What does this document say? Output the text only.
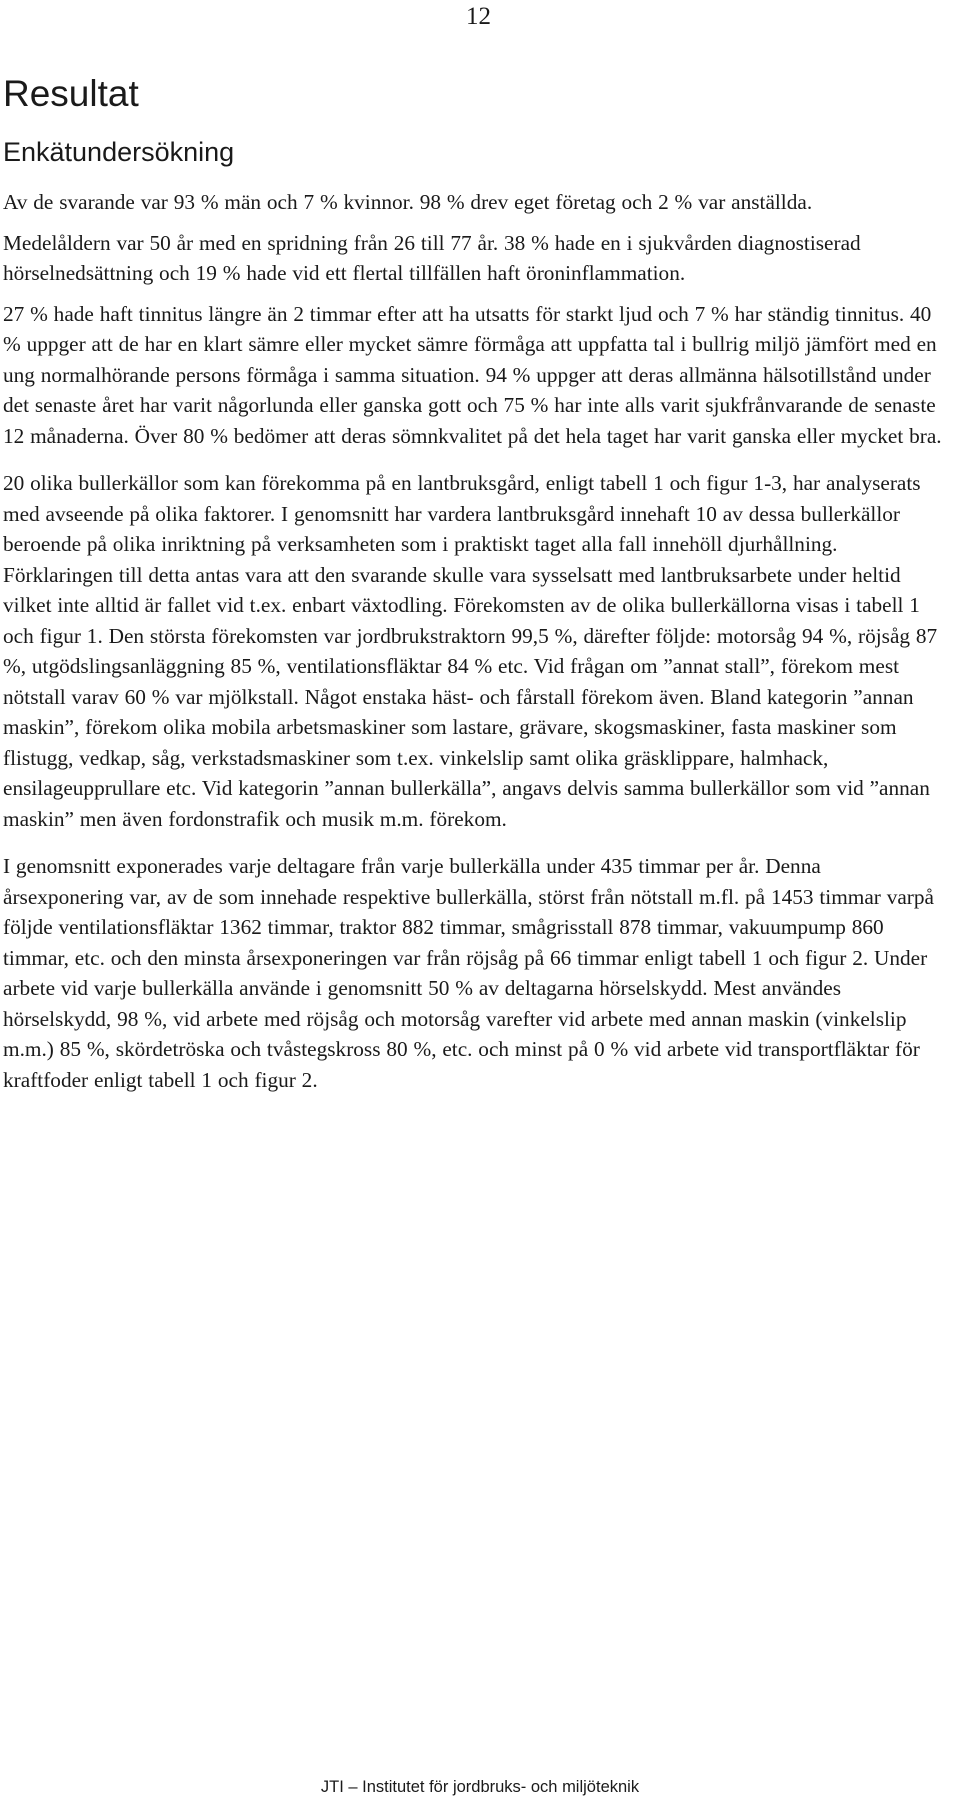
12
Resultat
Enkätundersökning

Av de svarande var 93 % män och 7 % kvinnor. 98 % drev eget företag och 2 % var anställda.

Medelåldern var 50 år med en spridning från 26 till 77 år. 38 % hade en i sjukvården diagnostiserad hörselnedsättning och 19 % hade vid ett flertal tillfällen haft öroninflammation.

27 % hade haft tinnitus längre än 2 timmar efter att ha utsatts för starkt ljud och 7 % har ständig tinnitus. 40 % uppger att de har en klart sämre eller mycket sämre förmåga att uppfatta tal i bullrig miljö jämfört med en ung normalhörande persons förmåga i samma situation. 94 % uppger att deras allmänna hälsotillstånd under det senaste året har varit någorlunda eller ganska gott och 75 % har inte alls varit sjukfrånvarande de senaste 12 månaderna. Över 80 % bedömer att deras sömnkvalitet på det hela taget har varit ganska eller mycket bra.

20 olika bullerkällor som kan förekomma på en lantbruksgård, enligt tabell 1 och figur 1-3, har analyserats med avseende på olika faktorer. I genomsnitt har vardera lantbruksgård innehaft 10 av dessa bullerkällor beroende på olika inriktning på verksamheten som i praktiskt taget alla fall innehöll djurhållning. Förklaringen till detta antas vara att den svarande skulle vara sysselsatt med lantbruksarbete under heltid vilket inte alltid är fallet vid t.ex. enbart växtodling. Förekomsten av de olika bullerkällorna visas i tabell 1 och figur 1. Den största förekomsten var jordbrukstraktorn 99,5 %, därefter följde: motorsåg 94 %, röjsåg 87 %, utgödslingsanläggning 85 %, ventilationsfläktar 84 % etc. Vid frågan om ”annat stall”, förekom mest nötstall varav 60 % var mjölkstall. Något enstaka häst- och fårstall förekom även. Bland kategorin ”annan maskin”, förekom olika mobila arbetsmaskiner som lastare, grävare, skogsmaskiner, fasta maskiner som flistugg, vedkap, såg, verkstadsmaskiner som t.ex. vinkelslip samt olika gräsklippare, halmhack, ensilageupprullare etc. Vid kategorin ”annan bullerkälla”, angavs delvis samma bullerkällor som vid ”annan maskin” men även fordonstrafik och musik m.m. förekom.

I genomsnitt exponerades varje deltagare från varje bullerkälla under 435 timmar per år. Denna årsexponering var, av de som innehade respektive bullerkälla, störst från nötstall m.fl. på 1453 timmar varpå följde ventilationsfläktar 1362 timmar, traktor 882 timmar, smågrisstall 878 timmar, vakuumpump 860 timmar, etc. och den minsta årsexponeringen var från röjsåg på 66 timmar enligt tabell 1 och figur 2. Under arbete vid varje bullerkälla använde i genomsnitt 50 % av deltagarna hörselskydd. Mest användes hörselskydd, 98 %, vid arbete med röjsåg och motorsåg varefter vid arbete med annan maskin (vinkelslip m.m.) 85 %, skördetröska och tvåstegskross 80 %, etc. och minst på 0 % vid arbete vid transportfläktar för kraftfoder enligt tabell 1 och figur 2.

JTI – Institutet för jordbruks- och miljöteknik
